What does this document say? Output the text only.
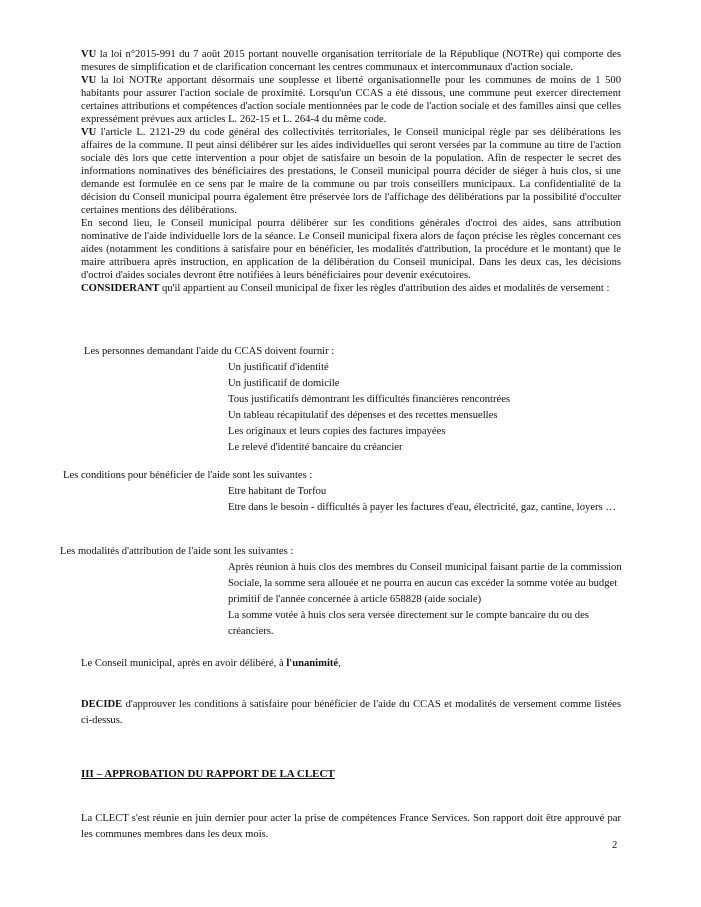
VU la loi n°2015-991 du 7 août 2015 portant nouvelle organisation territoriale de la République (NOTRe) qui comporte des mesures de simplification et de clarification concernant les centres communaux et intercommunaux d'action sociale.

VU la loi NOTRe apportant désormais une souplesse et liberté organisationnelle pour les communes de moins de 1 500 habitants pour assurer l'action sociale de proximité. Lorsqu'un CCAS a été dissous, une commune peut exercer directement certaines attributions et compétences d'action sociale mentionnées par le code de l'action sociale et des familles ainsi que celles expressément prévues aux articles L. 262-15 et L. 264-4 du même code.

VU l'article L. 2121-29 du code général des collectivités territoriales, le Conseil municipal règle par ses délibérations les affaires de la commune. Il peut ainsi délibérer sur les aides individuelles qui seront versées par la commune au titre de l'action sociale dès lors que cette intervention a pour objet de satisfaire un besoin de la population. Afin de respecter le secret des informations nominatives des bénéficiaires des prestations, le Conseil municipal pourra décider de siéger à huis clos, si une demande est formulée en ce sens par le maire de la commune ou par trois conseillers municipaux. La confidentialité de la décision du Conseil municipal pourra également être préservée lors de l'affichage des délibérations par la possibilité d'occulter certaines mentions des délibérations.

En second lieu, le Conseil municipal pourra délibérer sur les conditions générales d'octroi des aides, sans attribution nominative de l'aide individuelle lors de la séance. Le Conseil municipal fixera alors de façon précise les règles concernant ces aides (notamment les conditions à satisfaire pour en bénéficier, les modalités d'attribution, la procédure et le montant) que le maire attribuera après instruction, en application de la délibération du Conseil municipal. Dans les deux cas, les décisions d'octroi d'aides sociales devront être notifiées à leurs bénéficiaires pour devenir exécutoires.

CONSIDERANT qu'il appartient au Conseil municipal de fixer les règles d'attribution des aides et modalités de versement :

Les personnes demandant l'aide du CCAS doivent fournir :
Un justificatif d'identité
Un justificatif de domicile
Tous justificatifs démontrant les difficultés financières rencontrées
Un tableau récapitulatif des dépenses et des recettes mensuelles
Les originaux et leurs copies des factures impayées
Le relevé d'identité bancaire du créancier
Les conditions pour bénéficier de l'aide sont les suivantes :
Etre habitant de Torfou
Etre dans le besoin - difficultés à payer les factures d'eau, électricité, gaz, cantine, loyers …
Les modalités d'attribution de l'aide sont les suivantes :
Après réunion à huis clos des membres du Conseil municipal faisant partie de la commission Sociale, la somme sera allouée et ne pourra en aucun cas excéder la somme votée au budget primitif de l'année concernée à article 658828 (aide sociale)
La somme votée à huis clos sera versée directement sur le compte bancaire du ou des créanciers.
Le Conseil municipal, après en avoir délibéré, à l'unanimité,
DECIDE d'approuver les conditions à satisfaire pour bénéficier de l'aide du CCAS et modalités de versement comme listées ci-dessus.
III – APPROBATION DU RAPPORT DE LA CLECT
La CLECT s'est réunie en juin dernier pour acter la prise de compétences France Services. Son rapport doit être approuvé par les communes membres dans les deux mois.
2
